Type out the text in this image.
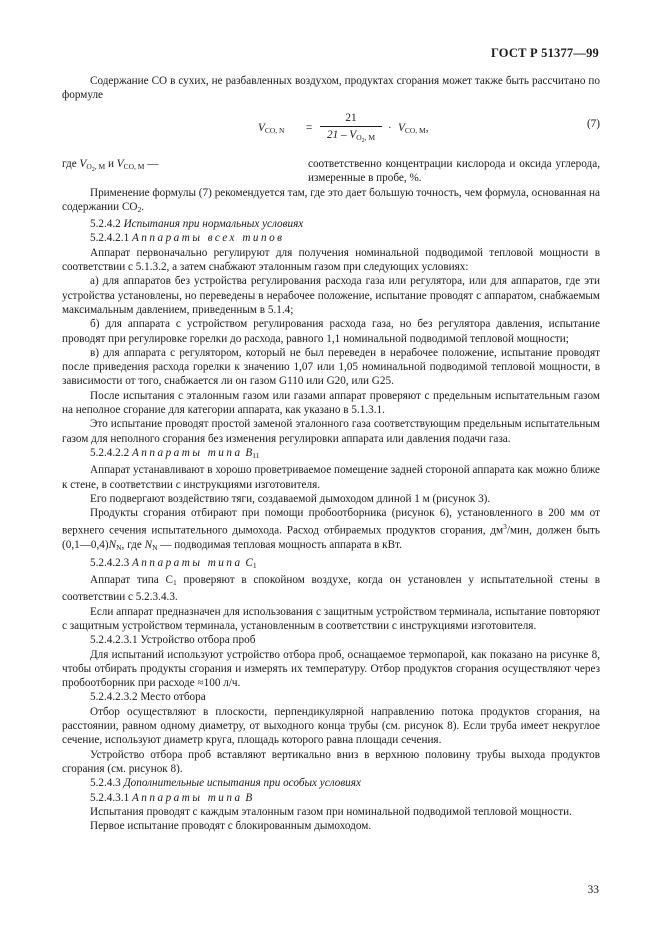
ГОСТ Р 51377—99

Содержание СО в сухих, не разбавленных воздухом, продуктах сгорания может также быть рассчитано по формуле

$V_{CO, N} = \frac{21}{21 - V_{O_2, M}} \cdot V_{CO, M}$,	(7)
где $V_{O_2, M}$ и $V_{CO, M}$ —	соответственно концентрации кислорода и оксида углерода, измеренные в пробе, %.

Применение формулы (7) рекомендуется там, где это дает большую точность, чем формула, основанная на содержании $CO_2$.

5.2.4.2 Испытания при нормальных условиях

5.2.4.2.1 Аппараты всех типов

Аппарат первоначально регулируют для получения номинальной подводимой тепловой мощности в соответствии с 5.1.3.2, а затем снабжают эталонным газом при следующих условиях:

а) для аппаратов без устройства регулирования расхода газа или регулятора, или для аппаратов, где эти устройства установлены, но переведены в нерабочее положение, испытание проводят с аппаратом, снабжаемым максимальным давлением, приведенным в 5.1.4;

б) для аппарата с устройством регулирования расхода газа, но без регулятора давления, испытание проводят при регулировке горелки до расхода, равного 1,1 номинальной подводимой тепловой мощности;

в) для аппарата с регулятором, который не был переведен в нерабочее положение, испытание проводят после приведения расхода горелки к значению 1,07 или 1,05 номинальной подводимой тепловой мощности, в зависимости от того, снабжается ли он газом G110 или G20, или G25.

После испытания с эталонным газом или газами аппарат проверяют с предельным испытательным газом на неполное сгорание для категории аппарата, как указано в 5.1.3.1.

Это испытание проводят простой заменой эталонного газа соответствующим предельным испытательным газом для неполного сгорания без изменения регулировки аппарата или давления подачи газа.

5.2.4.2.2 Аппараты типа $B_{11}$

Аппарат устанавливают в хорошо проветриваемое помещение задней стороной аппарата как можно ближе к стене, в соответствии с инструкциями изготовителя.

Его подвергают воздействию тяги, создаваемой дымоходом длиной 1 м (рисунок 3).

Продукты сгорания отбирают при помощи пробоотборника (рисунок 6), установленного в 200 мм от верхнего сечения испытательного дымохода. Расход отбираемых продуктов сгорания, $дм^3$/мин, должен быть $(0,1—0,4)N_N$, где $N_N$ — подводимая тепловая мощность аппарата в кВт.

5.2.4.2.3 Аппараты типа $C_1$

Аппарат типа $C_1$ проверяют в спокойном воздухе, когда он установлен у испытательной стены в соответствии с 5.2.3.4.3.

Если аппарат предназначен для использования с защитным устройством терминала, испытание повторяют с защитным устройством терминала, установленным в соответствии с инструкциями изготовителя.

5.2.4.2.3.1 Устройство отбора проб

Для испытаний используют устройство отбора проб, оснащаемое термопарой, как показано на рисунке 8, чтобы отбирать продукты сгорания и измерять их температуру. Отбор продуктов сгорания осуществляют через пробоотборник при расходе ≈100 л/ч.

5.2.4.2.3.2 Место отбора

Отбор осуществляют в плоскости, перпендикулярной направлению потока продуктов сгорания, на расстоянии, равном одному диаметру, от выходного конца трубы (см. рисунок 8). Если труба имеет некруглое сечение, используют диаметр круга, площадь которого равна площади сечения.

Устройство отбора проб вставляют вертикально вниз в верхнюю половину трубы выхода продуктов сгорания (см. рисунок 8).

5.2.4.3 Дополнительные испытания при особых условиях

5.2.4.3.1 Аппараты типа B

Испытания проводят с каждым эталонным газом при номинальной подводимой тепловой мощности.

Первое испытание проводят с блокированным дымоходом.

33
